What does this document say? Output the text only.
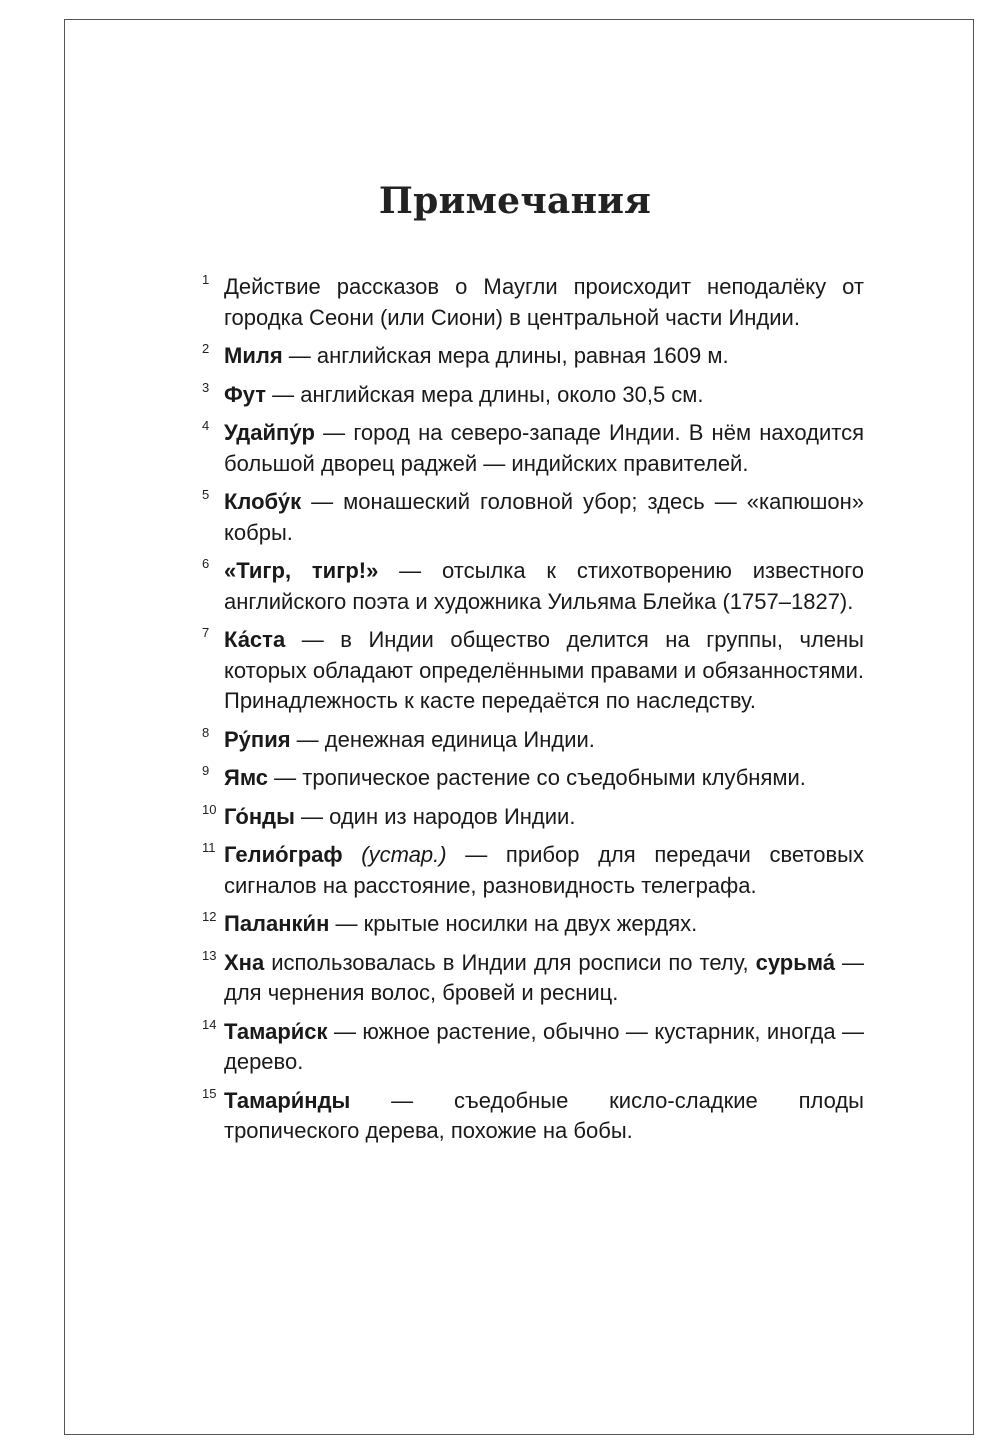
Примечания
1 Действие рассказов о Маугли происходит неподалёку от городка Сеони (или Сиони) в центральной части Индии.
2 Миля — английская мера длины, равная 1609 м.
3 Фут — английская мера длины, около 30,5 см.
4 Удайпу́р — город на северо-западе Индии. В нём находится большой дворец раджей — индийских правителей.
5 Клобу́к — монашеский головной убор; здесь — «капюшон» кобры.
6 «Тигр, тигр!» — отсылка к стихотворению известного английского поэта и художника Уильяма Блейка (1757–1827).
7 Ка́ста — в Индии общество делится на группы, члены которых обладают определёнными правами и обязанностями. Принадлежность к касте передаётся по наследству.
8 Ру́пия — денежная единица Индии.
9 Ямс — тропическое растение со съедобными клубнями.
10 Го́нды — один из народов Индии.
11 Гелио́граф (устар.) — прибор для передачи световых сигналов на расстояние, разновидность телеграфа.
12 Паланки́н — крытые носилки на двух жердях.
13 Хна использовалась в Индии для росписи по телу, сурьма́ — для чернения волос, бровей и ресниц.
14 Тамари́ск — южное растение, обычно — кустарник, иногда — дерево.
15 Тамари́нды — съедобные кисло-сладкие плоды тропического дерева, похожие на бобы.
